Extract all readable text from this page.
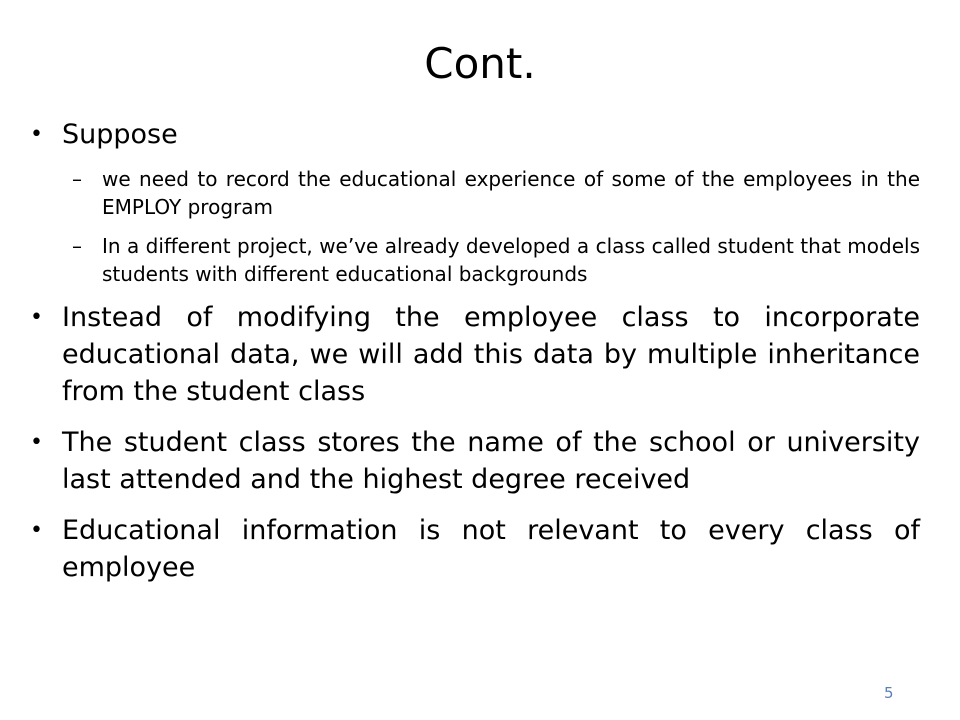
Cont.
• Suppose
– we need to record the educational experience of some of the employees in the EMPLOY program
– In a different project, we’ve already developed a class called student that models students with different educational backgrounds
• Instead of modifying the employee class to incorporate educational data, we will add this data by multiple inheritance from the student class
• The student class stores the name of the school or university last attended and the highest degree received
• Educational information is not relevant to every class of employee
5
